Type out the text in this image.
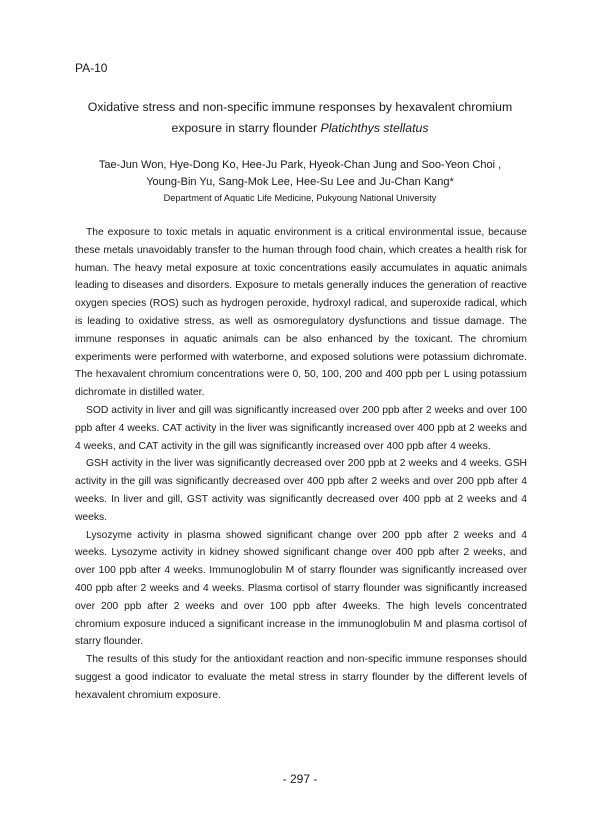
PA-10
Oxidative stress and non-specific immune responses by hexavalent chromium
exposure in starry flounder Platichthys stellatus
Tae-Jun Won, Hye-Dong Ko, Hee-Ju Park, Hyeok-Chan Jung and Soo-Yeon Choi ,
Young-Bin Yu, Sang-Mok Lee, Hee-Su Lee and Ju-Chan Kang*
Department of Aquatic Life Medicine, Pukyoung National University

The exposure to toxic metals in aquatic environment is a critical environmental issue, because these metals unavoidably transfer to the human through food chain, which creates a health risk for human. The heavy metal exposure at toxic concentrations easily accumulates in aquatic animals leading to diseases and disorders. Exposure to metals generally induces the generation of reactive oxygen species (ROS) such as hydrogen peroxide, hydroxyl radical, and superoxide radical, which is leading to oxidative stress, as well as osmoregulatory dysfunctions and tissue damage. The immune responses in aquatic animals can be also enhanced by the toxicant. The chromium experiments were performed with waterborne, and exposed solutions were potassium dichromate. The hexavalent chromium concentrations were 0, 50, 100, 200 and 400 ppb per L using potassium dichromate in distilled water.

SOD activity in liver and gill was significantly increased over 200 ppb after 2 weeks and over 100 ppb after 4 weeks. CAT activity in the liver was significantly increased over 400 ppb at 2 weeks and 4 weeks, and CAT activity in the gill was significantly increased over 400 ppb after 4 weeks.

GSH activity in the liver was significantly decreased over 200 ppb at 2 weeks and 4 weeks. GSH activity in the gill was significantly decreased over 400 ppb after 2 weeks and over 200 ppb after 4 weeks. In liver and gill, GST activity was significantly decreased over 400 ppb at 2 weeks and 4 weeks.

Lysozyme activity in plasma showed significant change over 200 ppb after 2 weeks and 4 weeks. Lysozyme activity in kidney showed significant change over 400 ppb after 2 weeks, and over 100 ppb after 4 weeks. Immunoglobulin M of starry flounder was significantly increased over 400 ppb after 2 weeks and 4 weeks. Plasma cortisol of starry flounder was significantly increased over 200 ppb after 2 weeks and over 100 ppb after 4weeks. The high levels concentrated chromium exposure induced a significant increase in the immunoglobulin M and plasma cortisol of starry flounder.

The results of this study for the antioxidant reaction and non-specific immune responses should suggest a good indicator to evaluate the metal stress in starry flounder by the different levels of hexavalent chromium exposure.

- 297 -
